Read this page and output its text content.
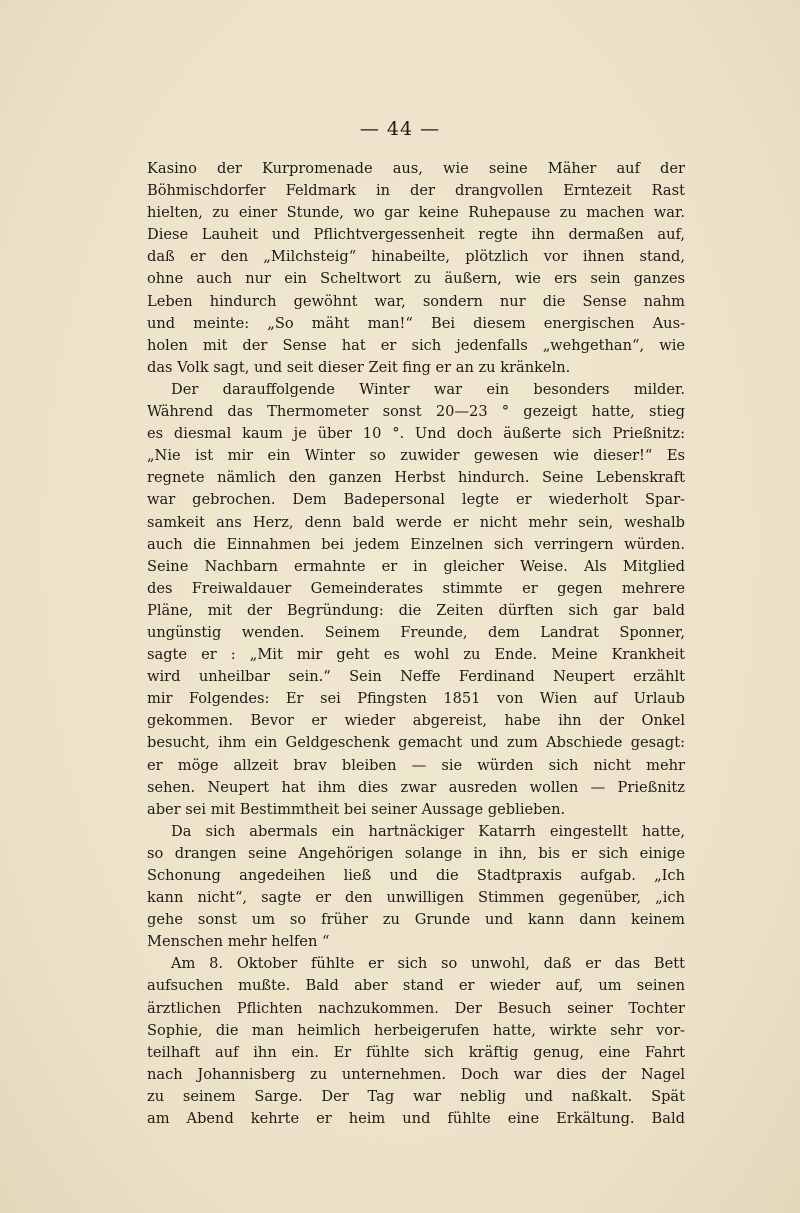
— 44 —
Kasino der Kurpromenade aus, wie seine Mäher auf der
Böhmischdorfer Feldmark in der drangvollen Erntezeit Rast
hielten, zu einer Stunde, wo gar keine Ruhepause zu machen war.
Diese Lauheit und Pflichtvergessenheit regte ihn dermaßen auf,
daß er den „Milchsteig“ hinabeilte, plötzlich vor ihnen stand,
ohne auch nur ein Scheltwort zu äußern, wie ers sein ganzes
Leben hindurch gewöhnt war, sondern nur die Sense nahm
und meinte: „So mäht man!“ Bei diesem energischen Aus-
holen mit der Sense hat er sich jedenfalls „wehgethan“, wie
das Volk sagt, und seit dieser Zeit fing er an zu kränkeln.
Der darauffolgende Winter war ein besonders milder.
Während das Thermometer sonst 20—23 ° gezeigt hatte, stieg
es diesmal kaum je über 10 °. Und doch äußerte sich Prießnitz:
„Nie ist mir ein Winter so zuwider gewesen wie dieser!“ Es
regnete nämlich den ganzen Herbst hindurch. Seine Lebenskraft
war gebrochen. Dem Badepersonal legte er wiederholt Spar-
samkeit ans Herz, denn bald werde er nicht mehr sein, weshalb
auch die Einnahmen bei jedem Einzelnen sich verringern würden.
Seine Nachbarn ermahnte er in gleicher Weise. Als Mitglied
des Freiwaldauer Gemeinderates stimmte er gegen mehrere
Pläne, mit der Begründung: die Zeiten dürften sich gar bald
ungünstig wenden. Seinem Freunde, dem Landrat Sponner,
sagte er : „Mit mir geht es wohl zu Ende. Meine Krankheit
wird unheilbar sein.“ Sein Neffe Ferdinand Neupert erzählt
mir Folgendes: Er sei Pfingsten 1851 von Wien auf Urlaub
gekommen. Bevor er wieder abgereist, habe ihn der Onkel
besucht, ihm ein Geldgeschenk gemacht und zum Abschiede gesagt:
er möge allzeit brav bleiben — sie würden sich nicht mehr
sehen. Neupert hat ihm dies zwar ausreden wollen — Prießnitz
aber sei mit Bestimmtheit bei seiner Aussage geblieben.
Da sich abermals ein hartnäckiger Katarrh eingestellt hatte,
so drangen seine Angehörigen solange in ihn, bis er sich einige
Schonung angedeihen ließ und die Stadtpraxis aufgab. „Ich
kann nicht“, sagte er den unwilligen Stimmen gegenüber, „ich
gehe sonst um so früher zu Grunde und kann dann keinem
Menschen mehr helfen “
Am 8. Oktober fühlte er sich so unwohl, daß er das Bett
aufsuchen mußte. Bald aber stand er wieder auf, um seinen
ärztlichen Pflichten nachzukommen. Der Besuch seiner Tochter
Sophie, die man heimlich herbeigerufen hatte, wirkte sehr vor-
teilhaft auf ihn ein. Er fühlte sich kräftig genug, eine Fahrt
nach Johannisberg zu unternehmen. Doch war dies der Nagel
zu seinem Sarge. Der Tag war neblig und naßkalt. Spät
am Abend kehrte er heim und fühlte eine Erkältung. Bald
